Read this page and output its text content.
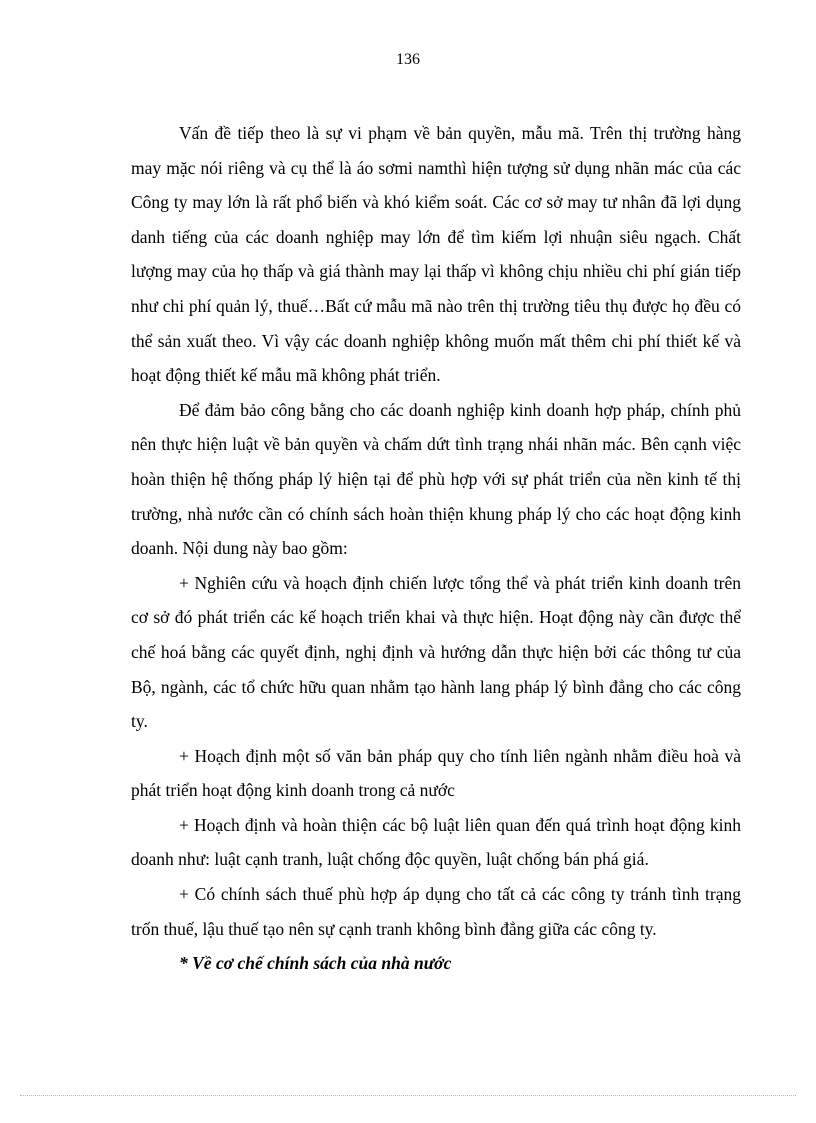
136

Vấn đề tiếp theo là sự vi phạm về bản quyền, mẫu mã. Trên thị trường hàng may mặc nói riêng và cụ thể là áo sơmi namthì hiện tượng sử dụng nhãn mác của các Công ty may lớn là rất phổ biến và khó kiểm soát. Các cơ sở may tư nhân đã lợi dụng danh tiếng của các doanh nghiệp may lớn để tìm kiếm lợi nhuận siêu ngạch. Chất lượng may của họ thấp và giá thành may lại thấp vì không chịu nhiều chi phí gián tiếp như chi phí quản lý, thuế…Bất cứ mẫu mã nào trên thị trường tiêu thụ được họ đều có thể sản xuất theo. Vì vậy các doanh nghiệp không muốn mất thêm chi phí thiết kế và hoạt động thiết kế mẫu mã không phát triển.

Để đảm bảo công bằng cho các doanh nghiệp kinh doanh hợp pháp, chính phủ nên thực hiện luật về bản quyền và chấm dứt tình trạng nhái nhãn mác. Bên cạnh việc hoàn thiện hệ thống pháp lý hiện tại để phù hợp với sự phát triển của nền kinh tế thị trường, nhà nước cần có chính sách hoàn thiện khung pháp lý cho các hoạt động kinh doanh. Nội dung này bao gồm:

+ Nghiên cứu và hoạch định chiến lược tổng thể và phát triển kinh doanh trên cơ sở đó phát triển các kế hoạch triển khai và thực hiện. Hoạt động này cần được thể chế hoá bằng các quyết định, nghị định và hướng dẫn thực hiện bởi các thông tư của Bộ, ngành, các tổ chức hữu quan nhằm tạo hành lang pháp lý bình đẳng cho các công ty.

+ Hoạch định một số văn bản pháp quy cho tính liên ngành nhằm điều hoà và phát triển hoạt động kinh doanh trong cả nước

+ Hoạch định và hoàn thiện các bộ luật liên quan đến quá trình hoạt động kinh doanh như: luật cạnh tranh, luật chống độc quyền, luật chống bán phá giá.

+ Có chính sách thuế phù hợp áp dụng cho tất cả các công ty tránh tình trạng trốn thuế, lậu thuế tạo nên sự cạnh tranh không bình đẳng giữa các công ty.

* Về cơ chế chính sách của nhà nước
